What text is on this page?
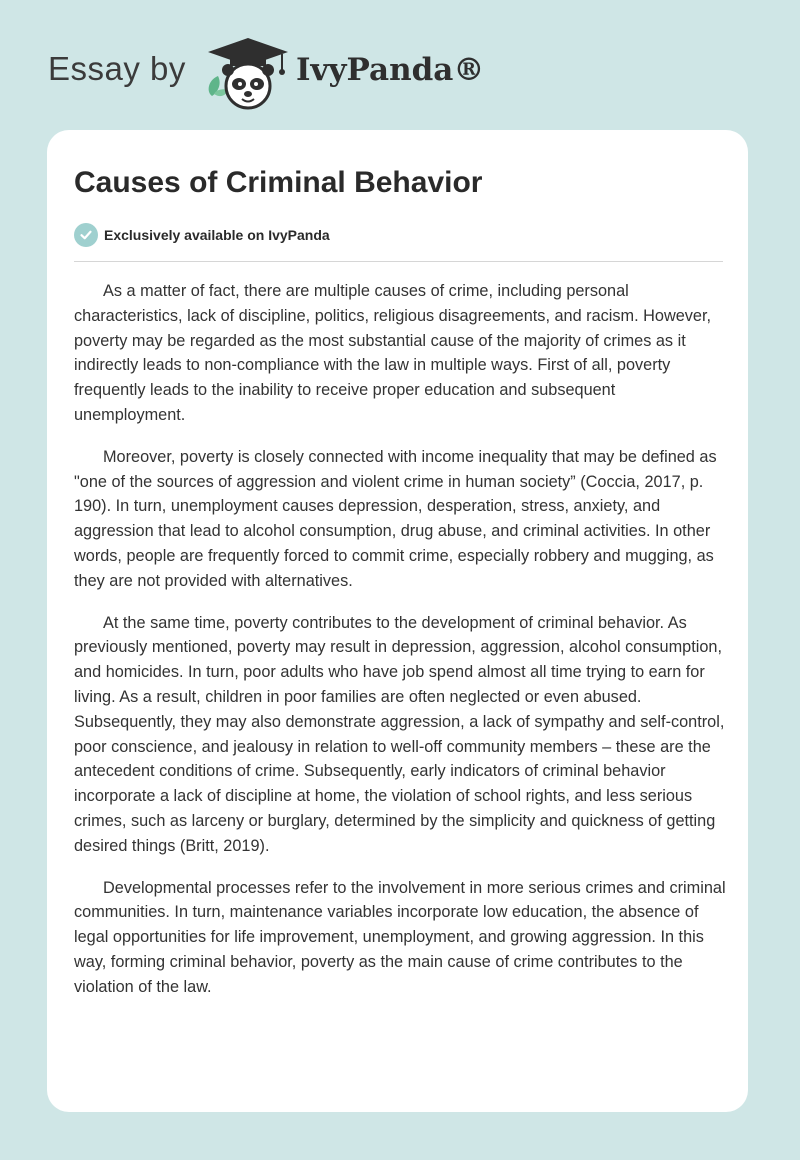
Essay by	IvyPanda®
Causes of Criminal Behavior
Exclusively available on IvyPanda

As a matter of fact, there are multiple causes of crime, including personal characteristics, lack of discipline, politics, religious disagreements, and racism. However, poverty may be regarded as the most substantial cause of the majority of crimes as it indirectly leads to non-compliance with the law in multiple ways. First of all, poverty frequently leads to the inability to receive proper education and subsequent unemployment.

Moreover, poverty is closely connected with income inequality that may be defined as "one of the sources of aggression and violent crime in human society” (Coccia, 2017, p. 190). In turn, unemployment causes depression, desperation, stress, anxiety, and aggression that lead to alcohol consumption, drug abuse, and criminal activities. In other words, people are frequently forced to commit crime, especially robbery and mugging, as they are not provided with alternatives.

At the same time, poverty contributes to the development of criminal behavior. As previously mentioned, poverty may result in depression, aggression, alcohol consumption, and homicides. In turn, poor adults who have job spend almost all time trying to earn for living. As a result, children in poor families are often neglected or even abused. Subsequently, they may also demonstrate aggression, a lack of sympathy and self-control, poor conscience, and jealousy in relation to well-off community members – these are the antecedent conditions of crime. Subsequently, early indicators of criminal behavior incorporate a lack of discipline at home, the violation of school rights, and less serious crimes, such as larceny or burglary, determined by the simplicity and quickness of getting desired things (Britt, 2019).

Developmental processes refer to the involvement in more serious crimes and criminal communities. In turn, maintenance variables incorporate low education, the absence of legal opportunities for life improvement, unemployment, and growing aggression. In this way, forming criminal behavior, poverty as the main cause of crime contributes to the violation of the law.
